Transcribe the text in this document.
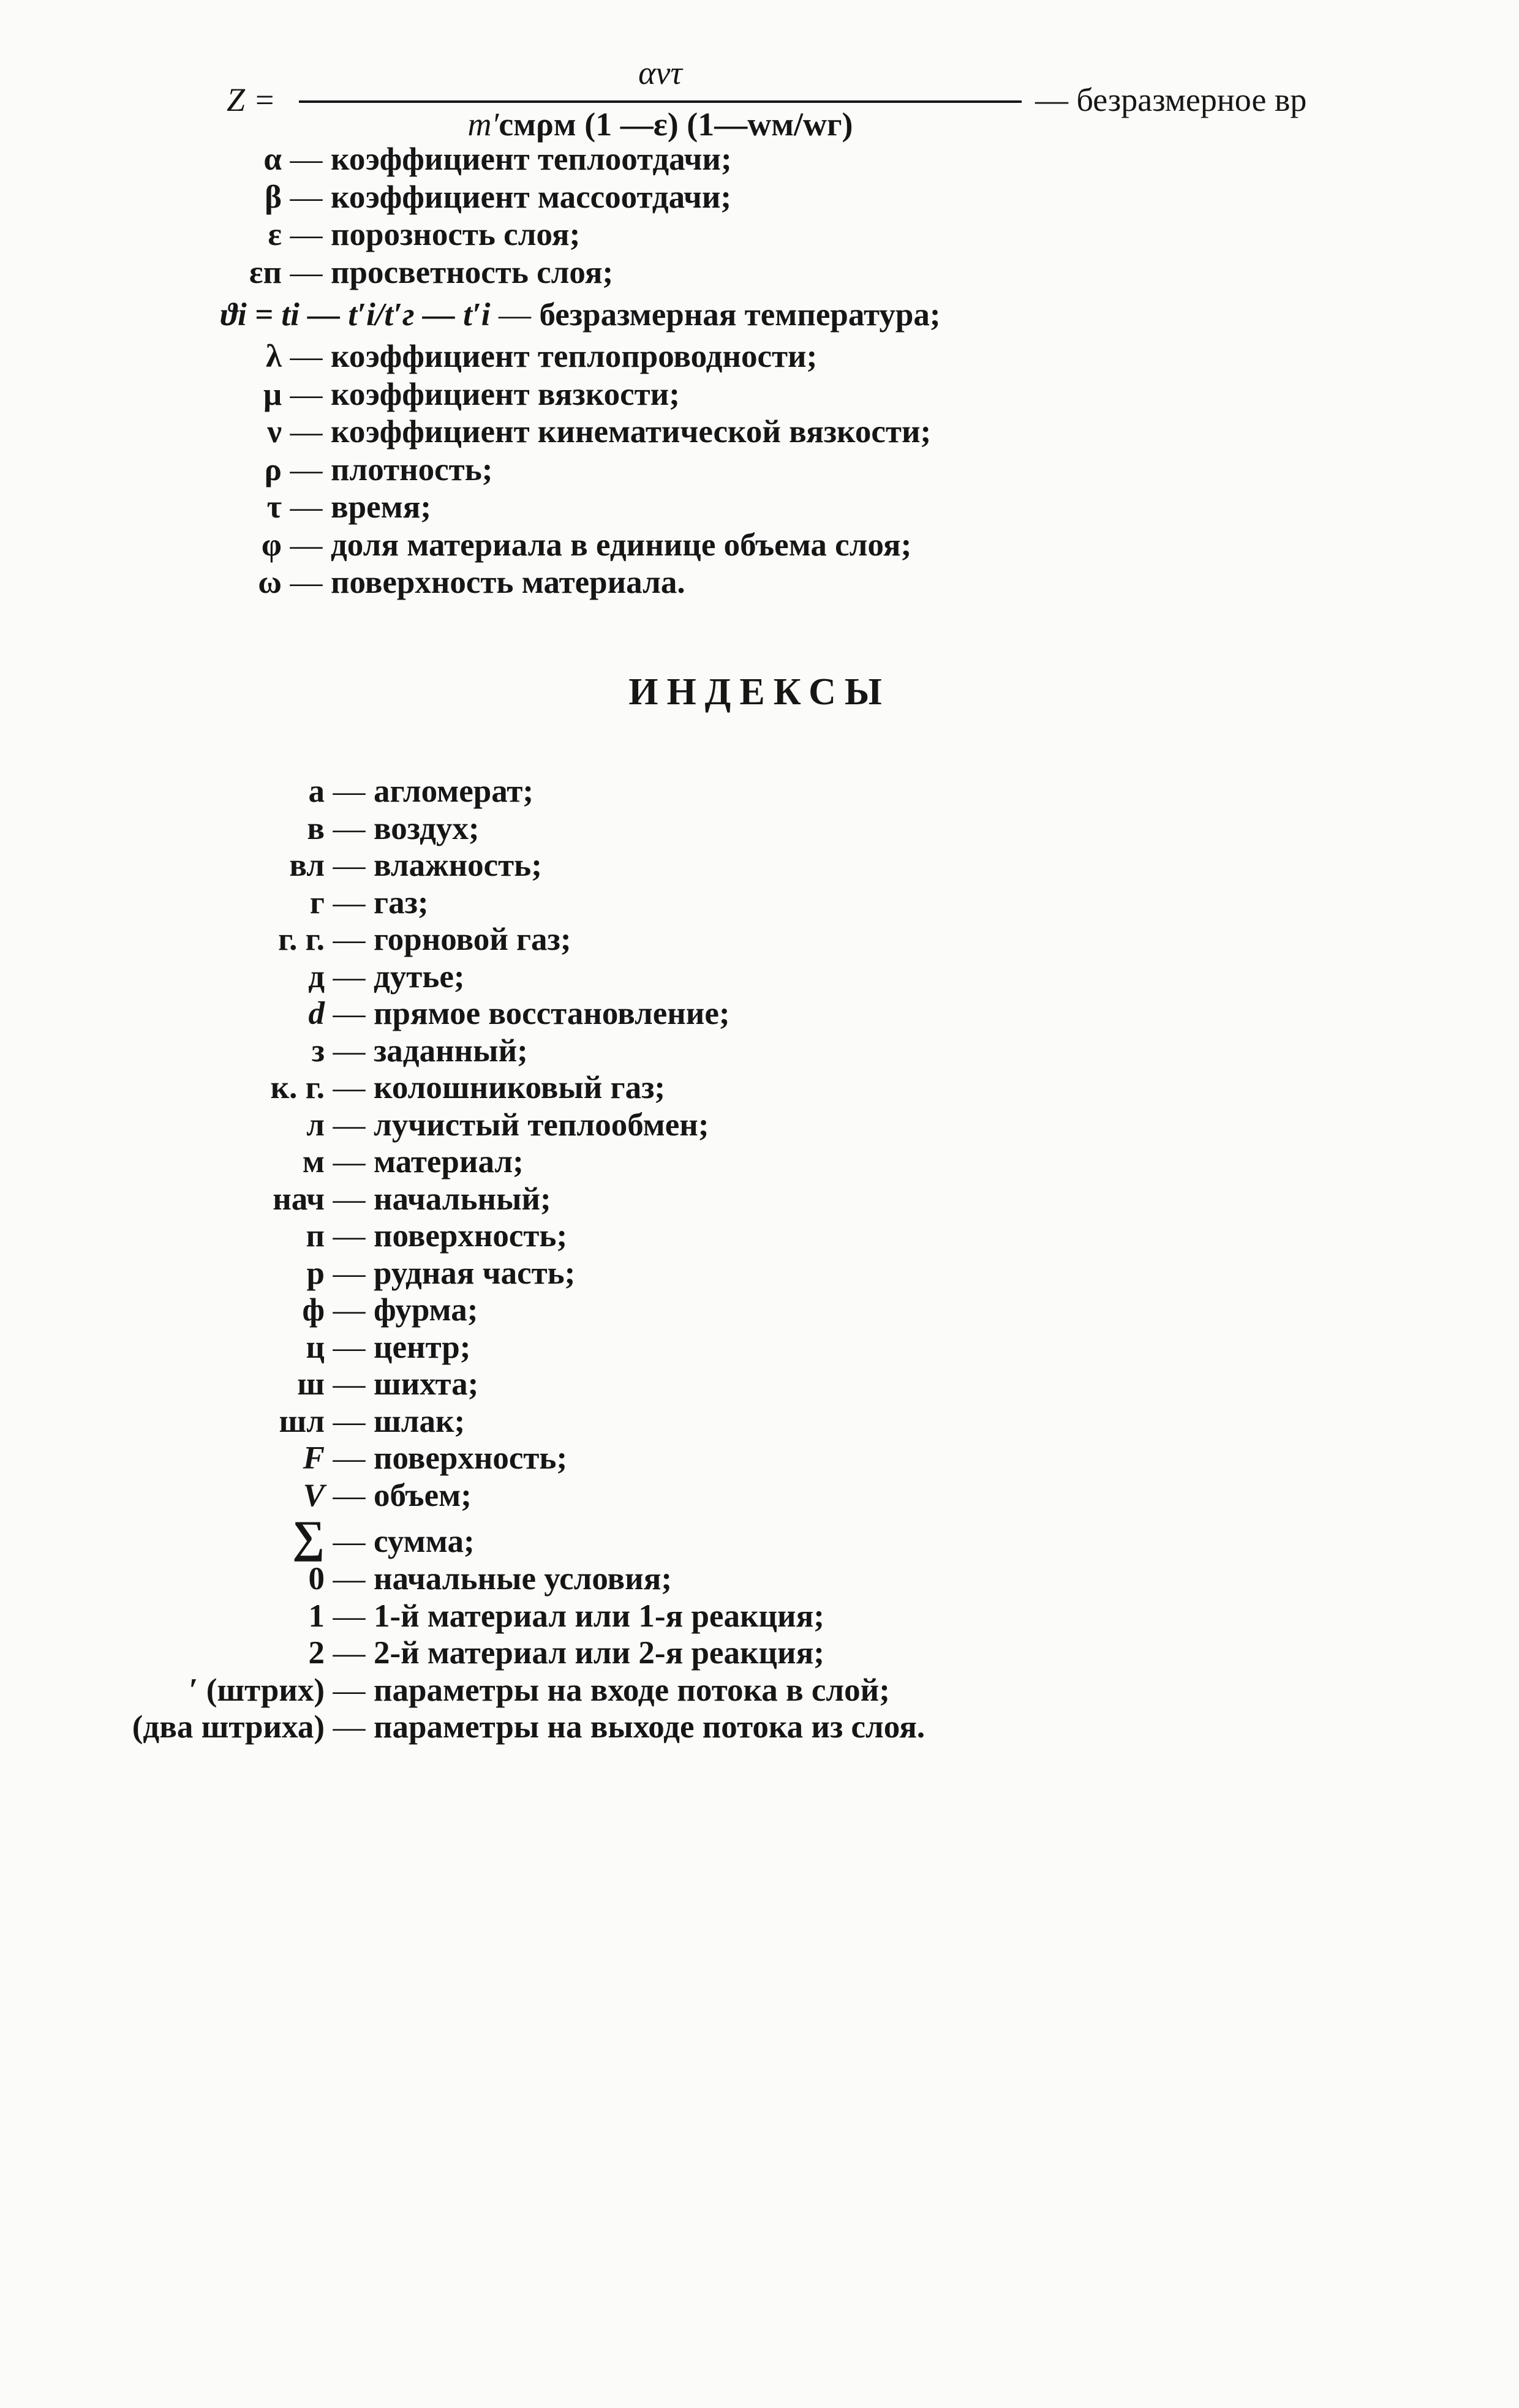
Z =
αvτ
m′cмρм (1 —ε) (1—wм/wг)
— безразмерное вр
α — коэффициент теплоотдачи;
β — коэффициент массоотдачи;
ε — порозность слоя;
εп — просветность слоя;
ϑi = ti — t′i/t′г — t′i — безразмерная температура;
λ — коэффициент теплопроводности;
μ — коэффициент вязкости;
ν — коэффициент кинематической вязкости;
ρ — плотность;
τ — время;
φ — доля материала в единице объема слоя;
ω — поверхность материала.
ИНДЕКСЫ
а — агломерат;
в — воздух;
вл — влажность;
г — газ;
г. г. — горновой газ;
д — дутье;
d — прямое восстановление;
з — заданный;
к. г. — колошниковый газ;
л — лучистый теплообмен;
м — материал;
нач — начальный;
п — поверхность;
р — рудная часть;
ф — фурма;
ц — центр;
ш — шихта;
шл — шлак;
F — поверхность;
V — объем;
∑ — сумма;
0 — начальные условия;
1 — 1-й материал или 1-я реакция;
2 — 2-й материал или 2-я реакция;
′ (штрих) — параметры на входе потока в слой;
(два штриха) — параметры на выходе потока из слоя.
